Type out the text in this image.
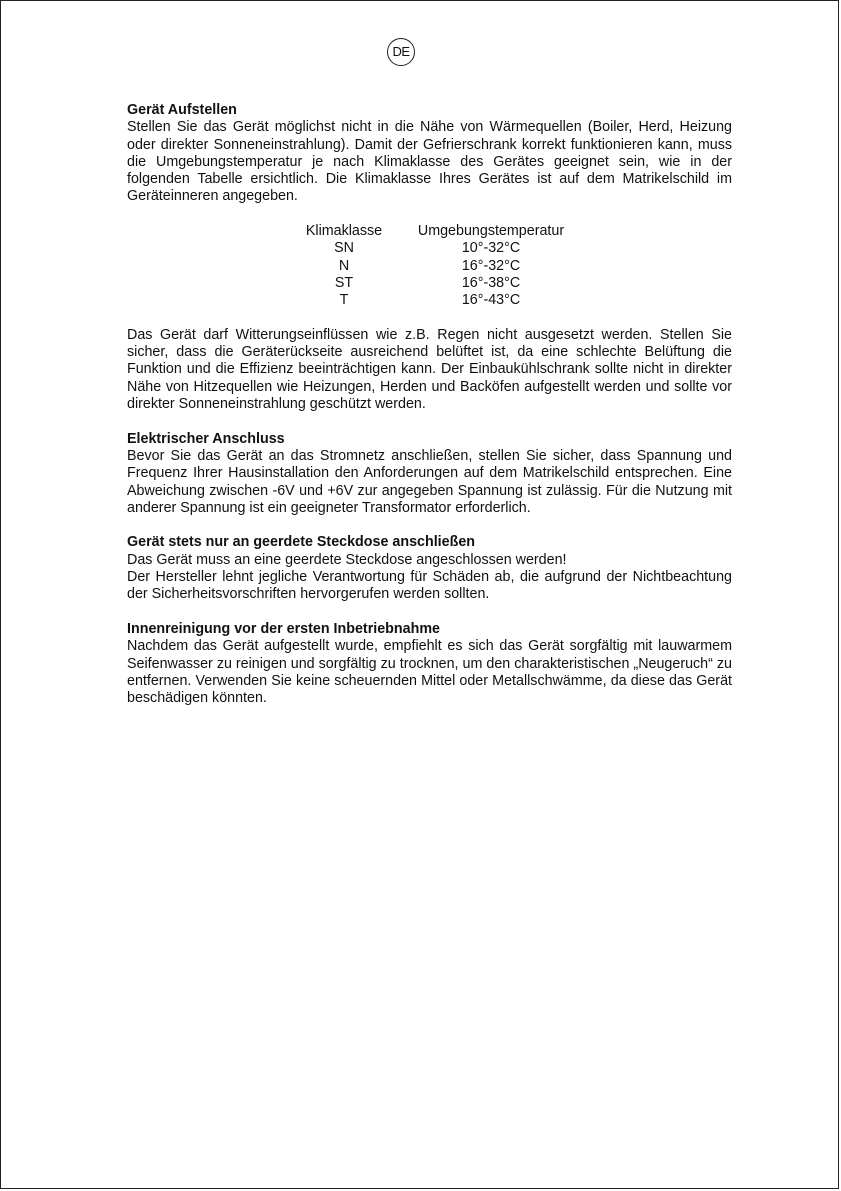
DE
Gerät Aufstellen

Stellen Sie das Gerät möglichst nicht in die Nähe von Wärmequellen (Boiler, Herd, Heizung oder direkter Sonneneinstrahlung). Damit der Gefrierschrank korrekt funktionieren kann, muss die Umgebungstemperatur je nach Klimaklasse des Gerätes geeignet sein, wie in der folgenden Tabelle ersichtlich. Die Klimaklasse Ihres Gerätes ist auf dem Matrikelschild im Geräteinneren angegeben.

Klimaklasse	Umgebungstemperatur
SN	10°-32°C
N	16°-32°C
ST	16°-38°C
T	16°-43°C

Das Gerät darf Witterungseinflüssen wie z.B. Regen nicht ausgesetzt werden. Stellen Sie sicher, dass die Geräterückseite ausreichend belüftet ist, da eine schlechte Belüftung die Funktion und die Effizienz beeinträchtigen kann. Der Einbaukühlschrank sollte nicht in direkter Nähe von Hitzequellen wie Heizungen, Herden und Backöfen aufgestellt werden und sollte vor direkter Sonneneinstrahlung geschützt werden.

Elektrischer Anschluss

Bevor Sie das Gerät an das Stromnetz anschließen, stellen Sie sicher, dass Spannung und Frequenz Ihrer Hausinstallation den Anforderungen auf dem Matrikelschild entsprechen. Eine Abweichung zwischen -6V und +6V zur angegeben Spannung ist zulässig. Für die Nutzung mit anderer Spannung ist ein geeigneter Transformator erforderlich.

Gerät stets nur an geerdete Steckdose anschließen

Das Gerät muss an eine geerdete Steckdose angeschlossen werden!

Der Hersteller lehnt jegliche Verantwortung für Schäden ab, die aufgrund der Nichtbeachtung der Sicherheitsvorschriften hervorgerufen werden sollten.

Innenreinigung vor der ersten Inbetriebnahme

Nachdem das Gerät aufgestellt wurde, empfiehlt es sich das Gerät sorgfältig mit lauwarmem Seifenwasser zu reinigen und sorgfältig zu trocknen, um den charakteristischen „Neugeruch“ zu entfernen. Verwenden Sie keine scheuernden Mittel oder Metallschwämme, da diese das Gerät beschädigen könnten.
